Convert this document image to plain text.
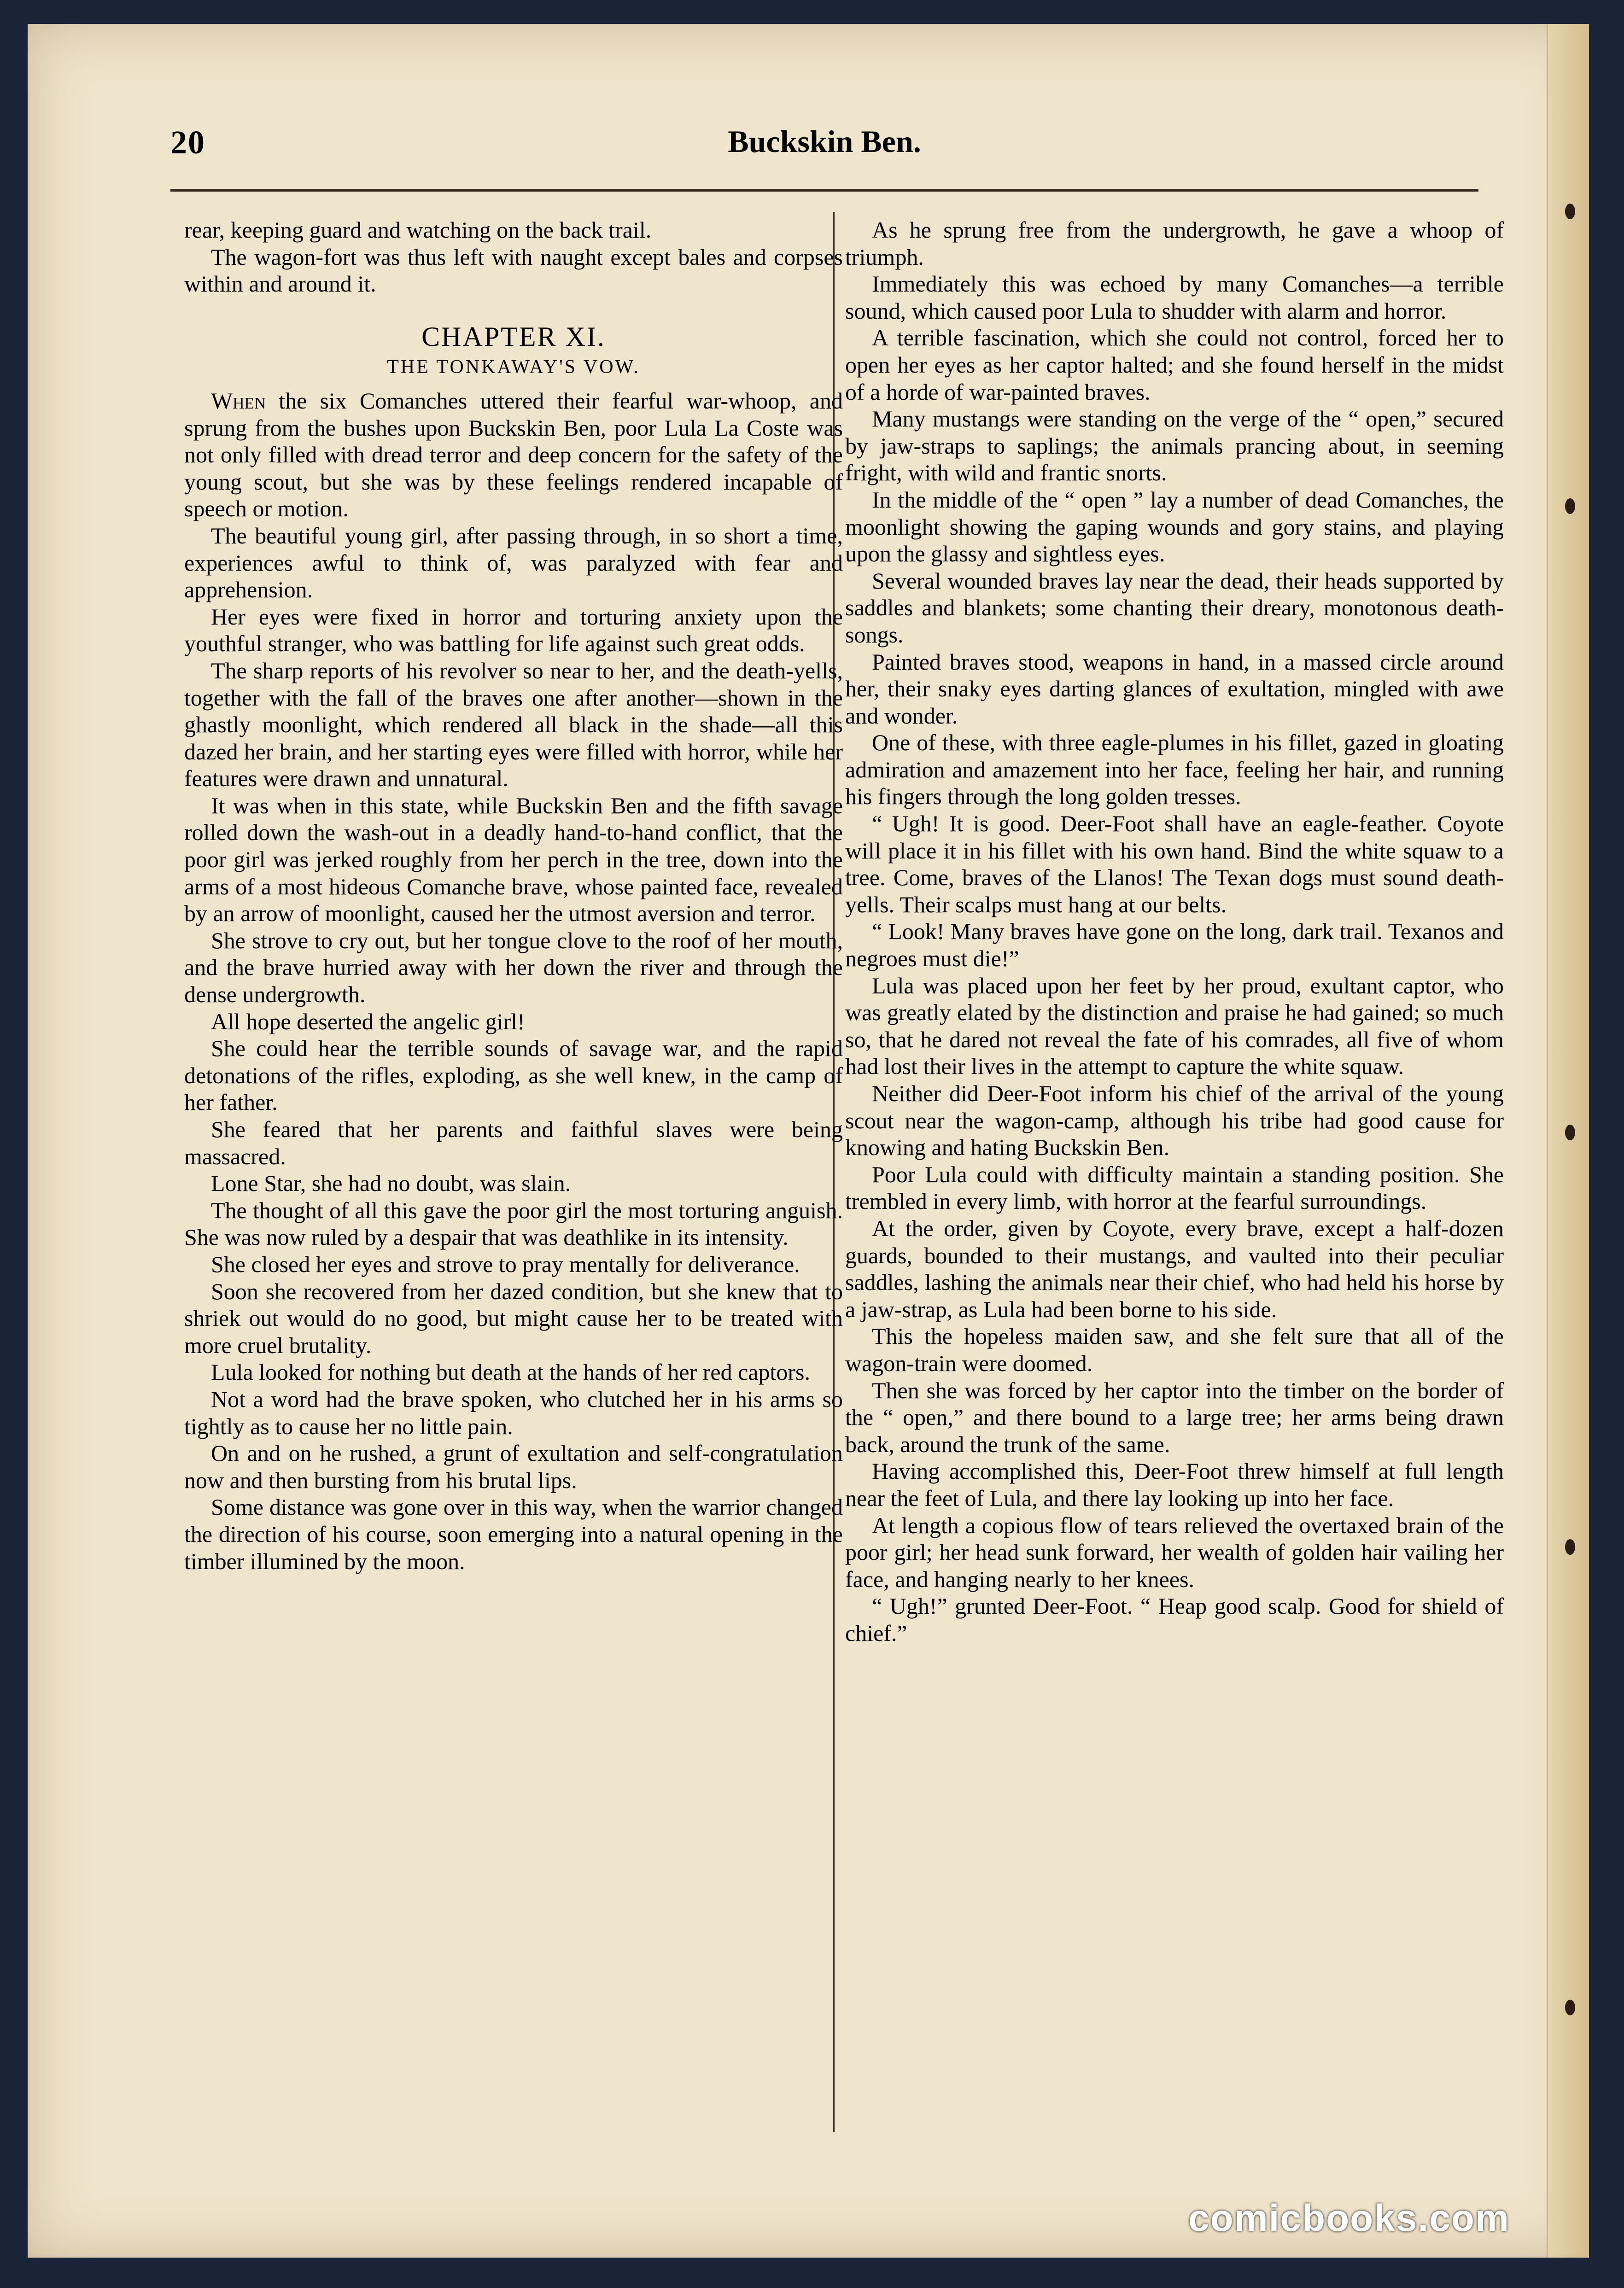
20	Buckskin Ben.

rear, keeping guard and watching on the back trail.

The wagon-fort was thus left with naught except bales and corpses within and around it.

CHAPTER XI.
THE TONKAWAY'S VOW.

When the six Comanches uttered their fearful war-whoop, and sprung from the bushes upon Buckskin Ben, poor Lula La Coste was not only filled with dread terror and deep concern for the safety of the young scout, but she was by these feelings rendered incapable of speech or motion.

The beautiful young girl, after passing through, in so short a time, experiences awful to think of, was paralyzed with fear and apprehension.

Her eyes were fixed in horror and torturing anxiety upon the youthful stranger, who was battling for life against such great odds.

The sharp reports of his revolver so near to her, and the death-yells, together with the fall of the braves one after another—shown in the ghastly moonlight, which rendered all black in the shade—all this dazed her brain, and her starting eyes were filled with horror, while her features were drawn and unnatural.

It was when in this state, while Buckskin Ben and the fifth savage rolled down the wash-out in a deadly hand-to-hand conflict, that the poor girl was jerked roughly from her perch in the tree, down into the arms of a most hideous Comanche brave, whose painted face, revealed by an arrow of moonlight, caused her the utmost aversion and terror.

She strove to cry out, but her tongue clove to the roof of her mouth, and the brave hurried away with her down the river and through the dense undergrowth.

All hope deserted the angelic girl!

She could hear the terrible sounds of savage war, and the rapid detonations of the rifles, exploding, as she well knew, in the camp of her father.

She feared that her parents and faithful slaves were being massacred.

Lone Star, she had no doubt, was slain.

The thought of all this gave the poor girl the most torturing anguish. She was now ruled by a despair that was deathlike in its intensity.

She closed her eyes and strove to pray mentally for deliverance.

Soon she recovered from her dazed condition, but she knew that to shriek out would do no good, but might cause her to be treated with more cruel brutality.

Lula looked for nothing but death at the hands of her red captors.

Not a word had the brave spoken, who clutched her in his arms so tightly as to cause her no little pain.

On and on he rushed, a grunt of exultation and self-congratulation now and then bursting from his brutal lips.

Some distance was gone over in this way, when the warrior changed the direction of his course, soon emerging into a natural opening in the timber illumined by the moon.

As he sprung free from the undergrowth, he gave a whoop of triumph.

Immediately this was echoed by many Comanches—a terrible sound, which caused poor Lula to shudder with alarm and horror.

A terrible fascination, which she could not control, forced her to open her eyes as her captor halted; and she found herself in the midst of a horde of war-painted braves.

Many mustangs were standing on the verge of the “ open,” secured by jaw-straps to saplings; the animals prancing about, in seeming fright, with wild and frantic snorts.

In the middle of the “ open ” lay a number of dead Comanches, the moonlight showing the gaping wounds and gory stains, and playing upon the glassy and sightless eyes.

Several wounded braves lay near the dead, their heads supported by saddles and blankets; some chanting their dreary, monotonous death-songs.

Painted braves stood, weapons in hand, in a massed circle around her, their snaky eyes darting glances of exultation, mingled with awe and wonder.

One of these, with three eagle-plumes in his fillet, gazed in gloating admiration and amazement into her face, feeling her hair, and running his fingers through the long golden tresses.

“ Ugh! It is good. Deer-Foot shall have an eagle-feather. Coyote will place it in his fillet with his own hand. Bind the white squaw to a tree. Come, braves of the Llanos! The Texan dogs must sound death-yells. Their scalps must hang at our belts.

“ Look! Many braves have gone on the long, dark trail. Texanos and negroes must die!”

Lula was placed upon her feet by her proud, exultant captor, who was greatly elated by the distinction and praise he had gained; so much so, that he dared not reveal the fate of his comrades, all five of whom had lost their lives in the attempt to capture the white squaw.

Neither did Deer-Foot inform his chief of the arrival of the young scout near the wagon-camp, although his tribe had good cause for knowing and hating Buckskin Ben.

Poor Lula could with difficulty maintain a standing position. She trembled in every limb, with horror at the fearful surroundings.

At the order, given by Coyote, every brave, except a half-dozen guards, bounded to their mustangs, and vaulted into their peculiar saddles, lashing the animals near their chief, who had held his horse by a jaw-strap, as Lula had been borne to his side.

This the hopeless maiden saw, and she felt sure that all of the wagon-train were doomed.

Then she was forced by her captor into the timber on the border of the “ open,” and there bound to a large tree; her arms being drawn back, around the trunk of the same.

Having accomplished this, Deer-Foot threw himself at full length near the feet of Lula, and there lay looking up into her face.

At length a copious flow of tears relieved the overtaxed brain of the poor girl; her head sunk forward, her wealth of golden hair vailing her face, and hanging nearly to her knees.

“ Ugh!” grunted Deer-Foot. “ Heap good scalp. Good for shield of chief.”

comicbooks.com
